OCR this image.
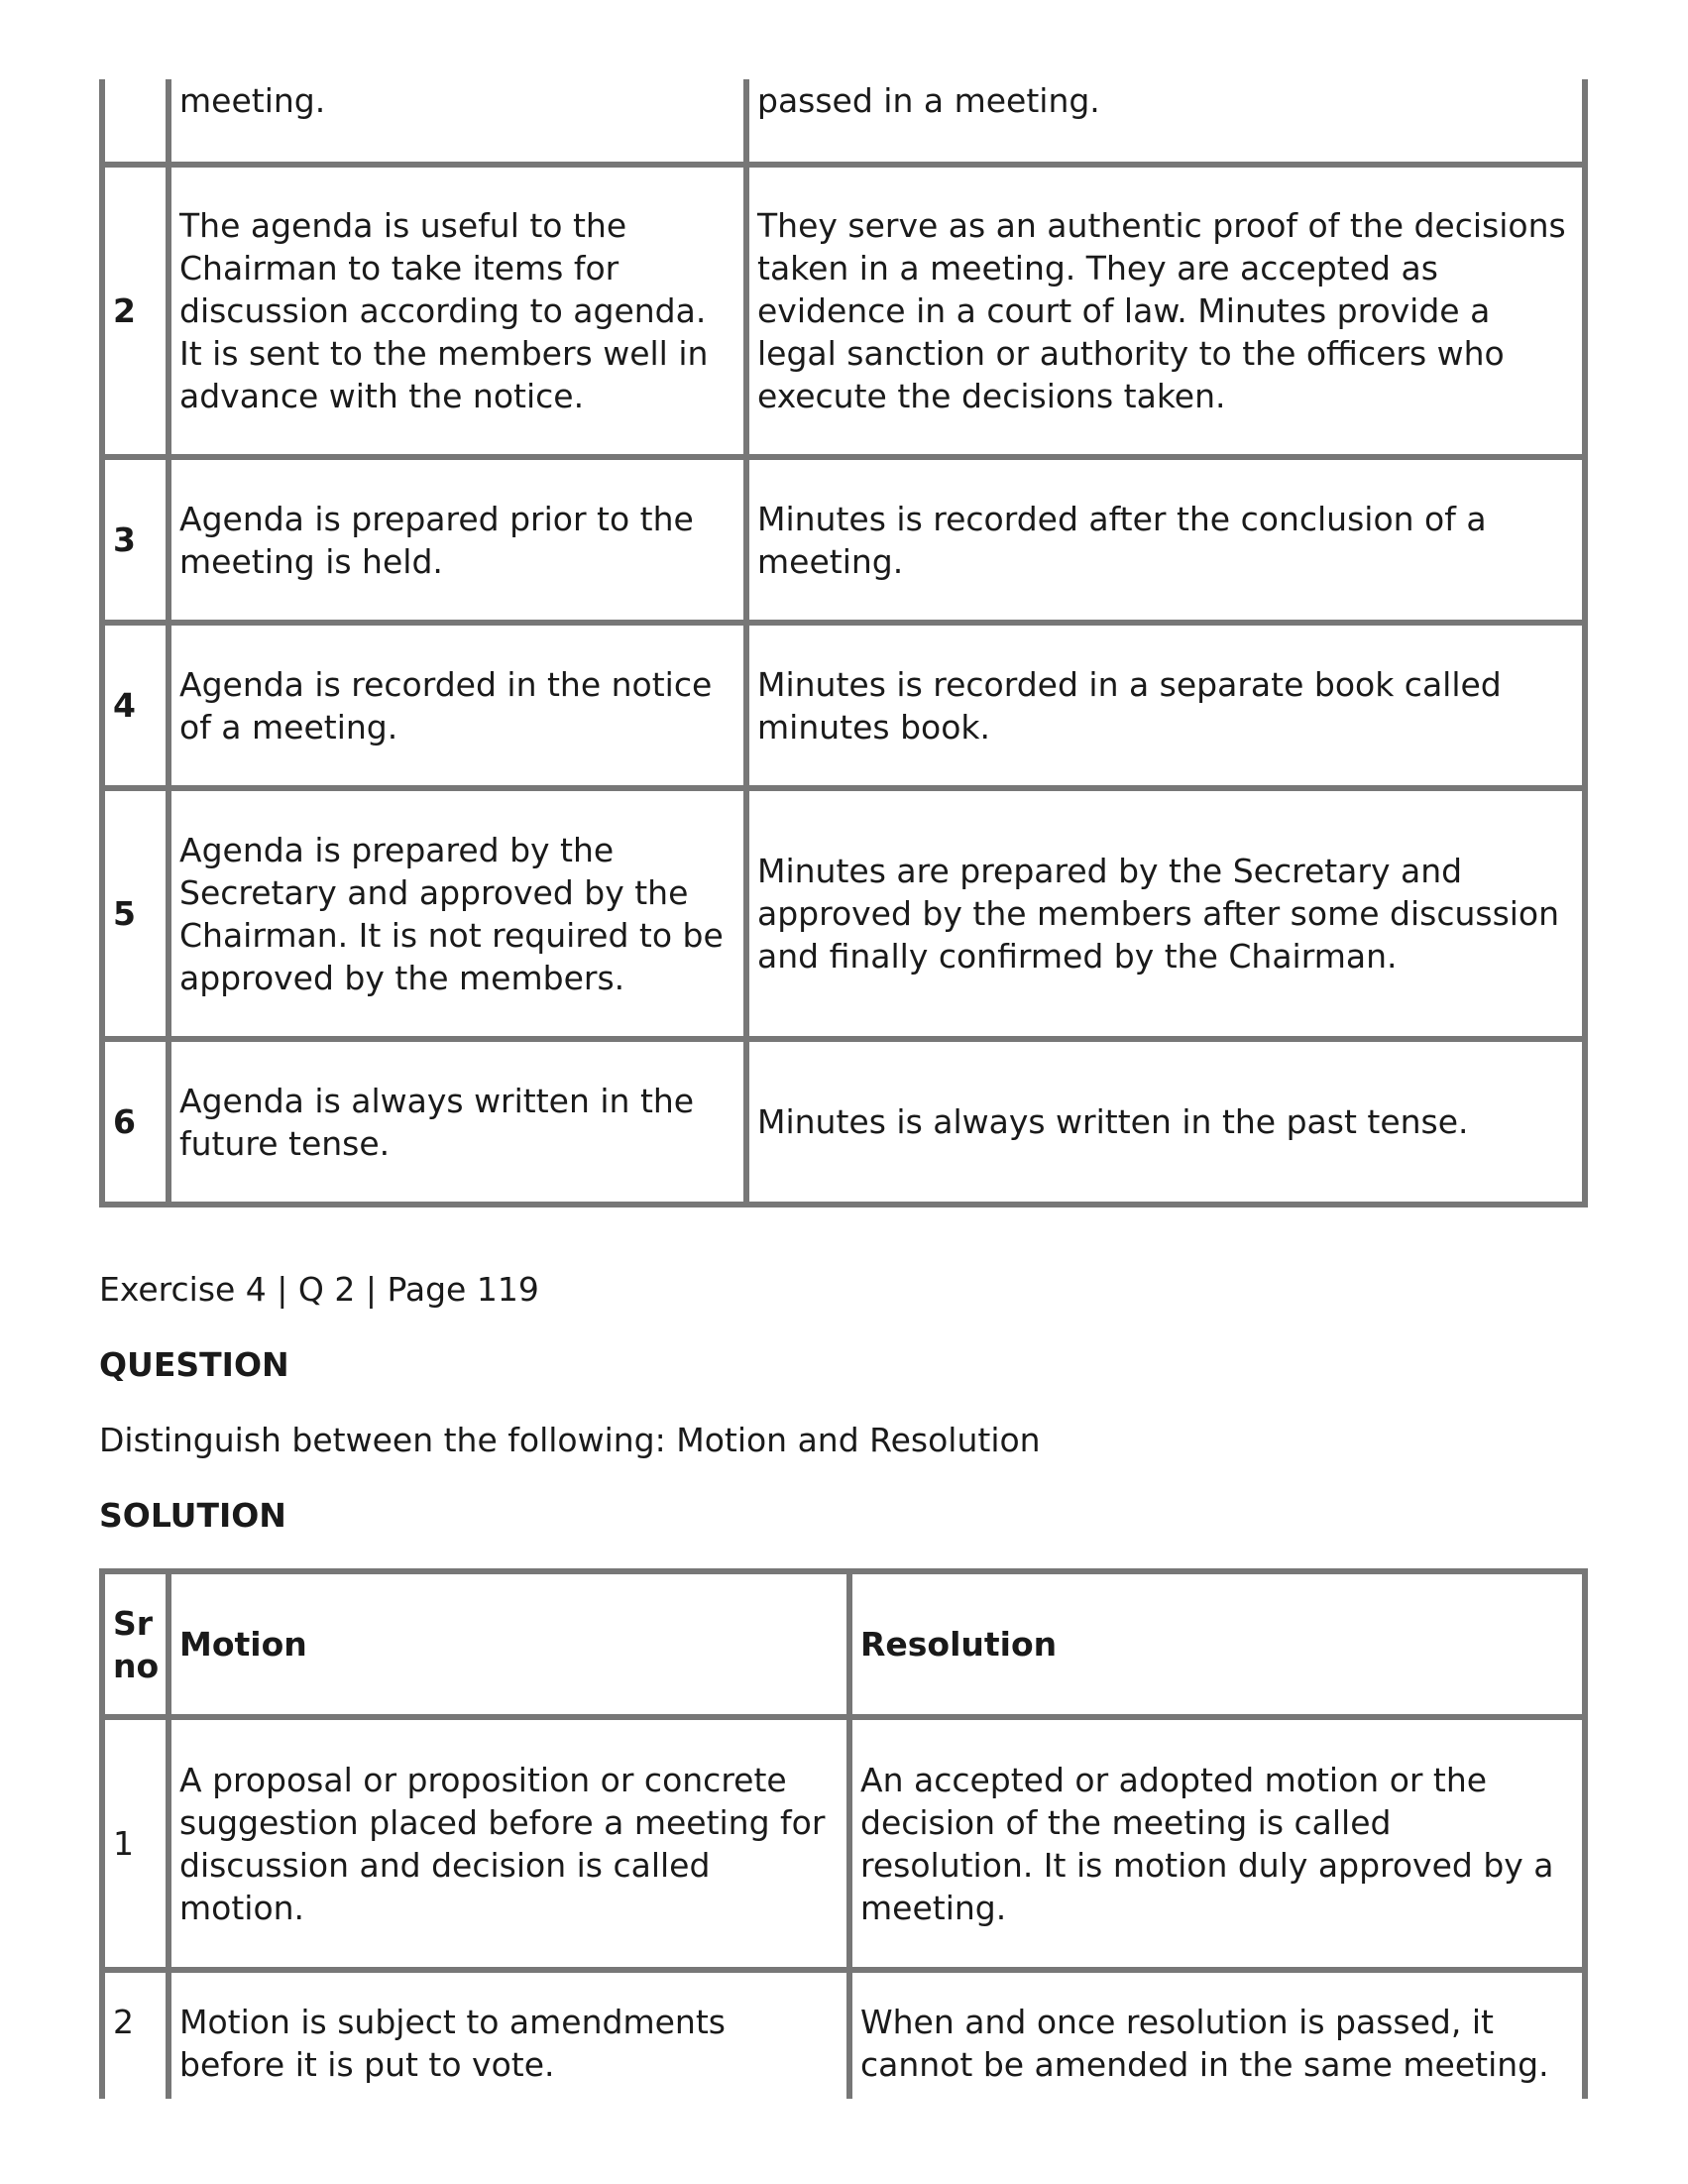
	meeting.	passed in a meeting.
2	The agenda is useful to the Chairman to take items for discussion according to agenda. It is sent to the members well in advance with the notice.	They serve as an authentic proof of the decisions taken in a meeting. They are accepted as evidence in a court of law. Minutes provide a legal sanction or authority to the officers who execute the decisions taken.
3	Agenda is prepared prior to the meeting is held.	Minutes is recorded after the conclusion of a meeting.
4	Agenda is recorded in the notice of a meeting.	Minutes is recorded in a separate book called minutes book.
5	Agenda is prepared by the Secretary and approved by the Chairman. It is not required to be approved by the members.	Minutes are prepared by the Secretary and approved by the members after some discussion and finally confirmed by the Chairman.
6	Agenda is always written in the future tense.	Minutes is always written in the past tense.
Exercise 4 | Q 2 | Page 119
QUESTION
Distinguish between the following: Motion and Resolution
SOLUTION
Sr no	Motion	Resolution
1	A proposal or proposition or concrete suggestion placed before a meeting for discussion and decision is called motion.	An accepted or adopted motion or the decision of the meeting is called resolution. It is motion duly approved by a meeting.
2	Motion is subject to amendments before it is put to vote.	When and once resolution is passed, it cannot be amended in the same meeting.
